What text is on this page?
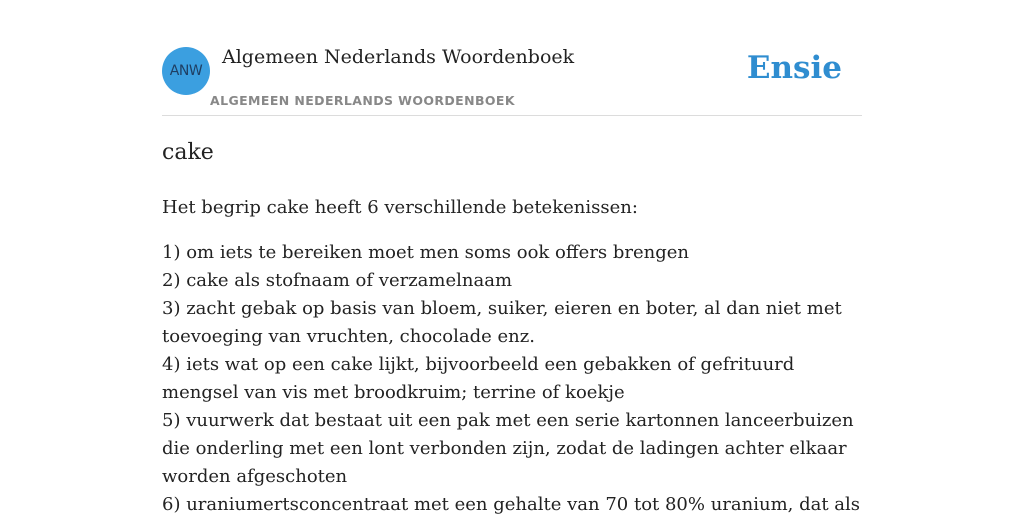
ANW
Algemeen Nederlands Woordenboek
ALGEMEEN NEDERLANDS WOORDENBOEK
Ensie
cake

Het begrip cake heeft 6 verschillende betekenissen:

1) om iets te bereiken moet men soms ook offers brengen
2) cake als stofnaam of verzamelnaam
3) zacht gebak op basis van bloem, suiker, eieren en boter, al dan niet met toevoeging van vruchten, chocolade enz.
4) iets wat op een cake lijkt, bijvoorbeeld een gebakken of gefrituurd mengsel van vis met broodkruim; terrine of koekje
5) vuurwerk dat bestaat uit een pak met een serie kartonnen lanceerbuizen die onderling met een lont verbonden zijn, zodat de ladingen achter elkaar worden afgeschoten
6) uraniumertsconcentraat met een gehalte van 70 tot 80% uranium, dat als
